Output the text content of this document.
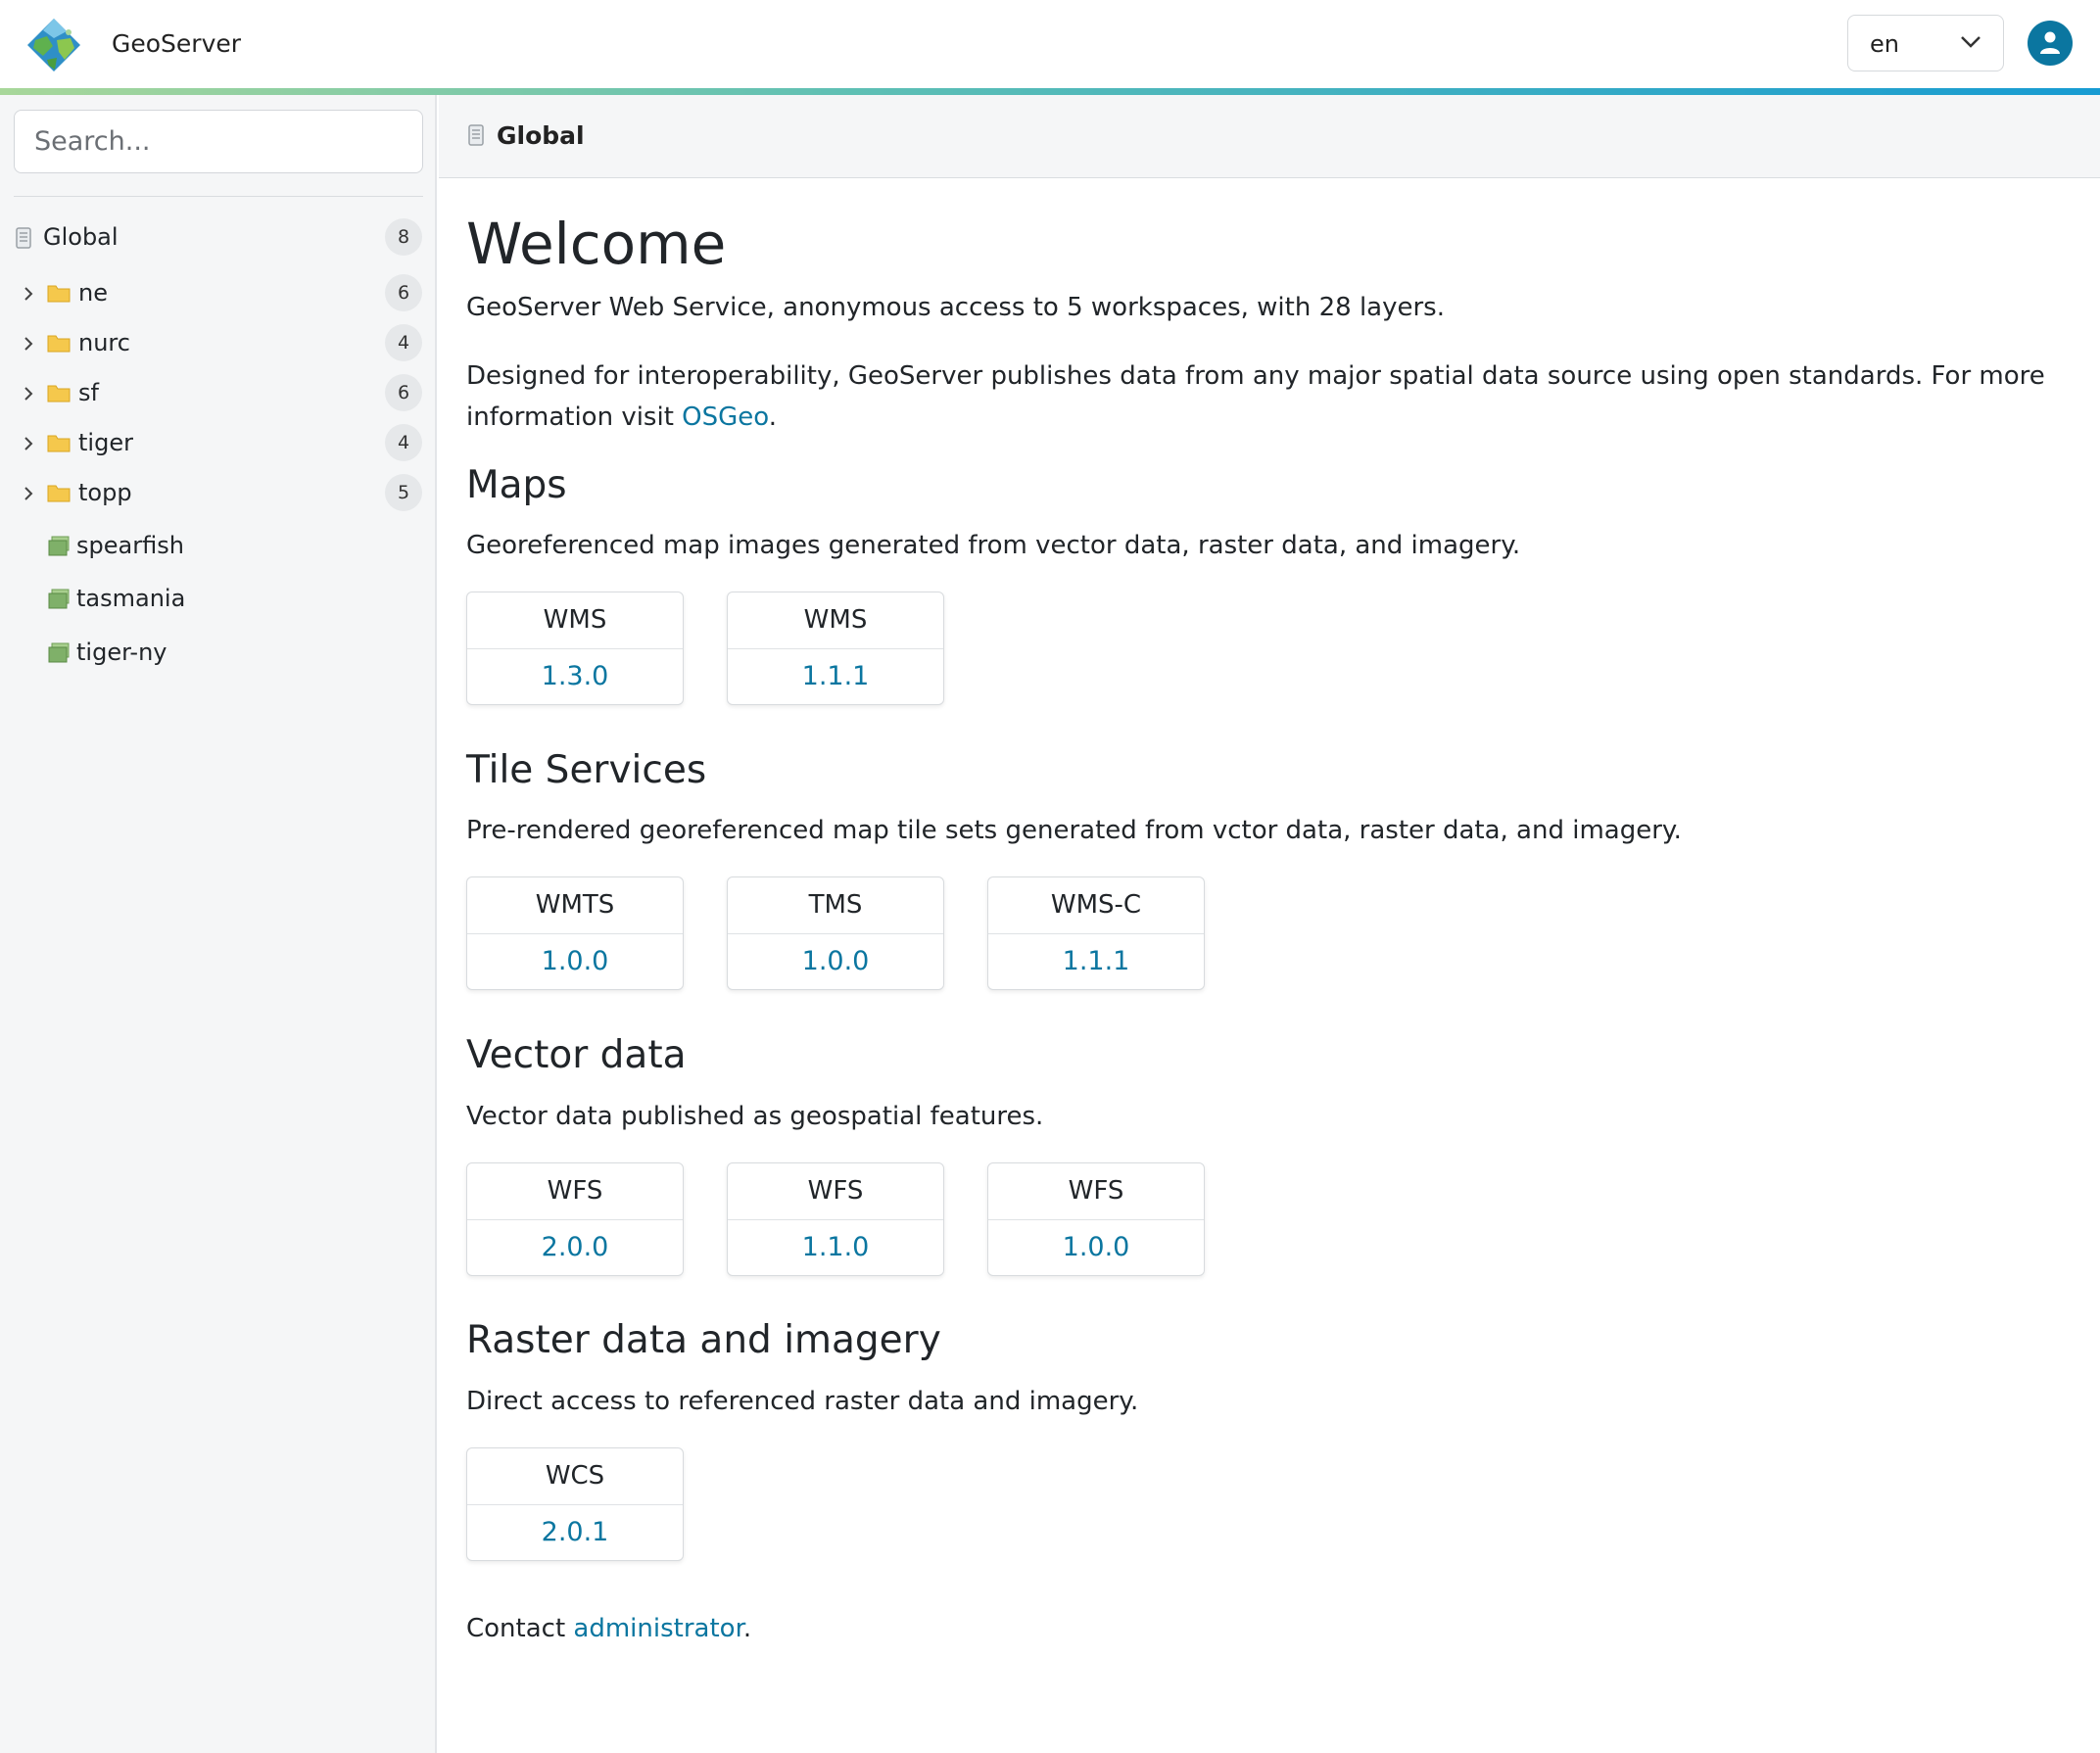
GeoServer	en
Search...
Global	8
ne	6
nurc	4
sf	6
tiger	4
topp	5
spearfish
tasmania
tiger-ny
Global
Welcome

GeoServer Web Service, anonymous access to 5 workspaces, with 28 layers.

Designed for interoperability, GeoServer publishes data from any major spatial data source using open standards. For more information visit OSGeo.

Maps

Georeferenced map images generated from vector data, raster data, and imagery.

WMS
1.3.0
WMS
1.1.1
Tile Services

Pre-rendered georeferenced map tile sets generated from vctor data, raster data, and imagery.

WMTS
1.0.0
TMS
1.0.0
WMS-C
1.1.1
Vector data

Vector data published as geospatial features.

WFS
2.0.0
WFS
1.1.0
WFS
1.0.0
Raster data and imagery

Direct access to referenced raster data and imagery.

WCS
2.0.1

Contact administrator.
